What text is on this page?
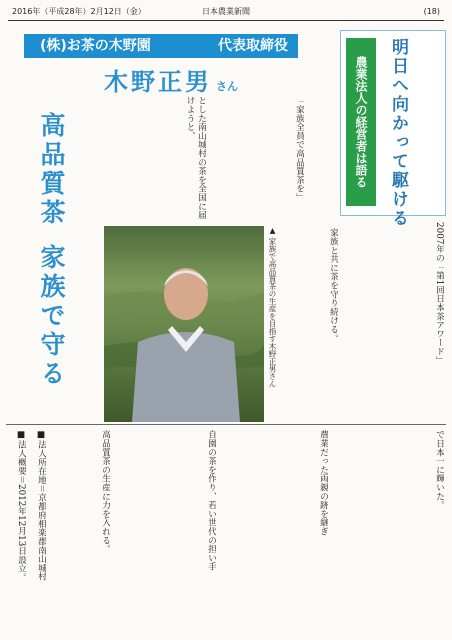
2016年（平成28年）2月12日（金）	日本農業新聞	(18)
(株)お茶の木野園	代表取締役
木野正男 さん	明日へ向かって駆ける
農業法人の経営者は語る
高品質茶家族で守る
「家族全員で高品質茶を」
とした南山城村の茶を全国に届けようと、
▲ 家族で高品質茶の生産を目指す木野正男さん	家族と共に茶を守り続ける。	2007年の「第1回日本茶アワード」
で日本一に輝いた。
農業だった両親の跡を継ぎ
自園の茶を作り、若い世代の担い手
高品質茶の生産に力を入れる。
■法人所在地＝京都府相楽郡南山城村
■法人概要＝2012年12月13日設立。
